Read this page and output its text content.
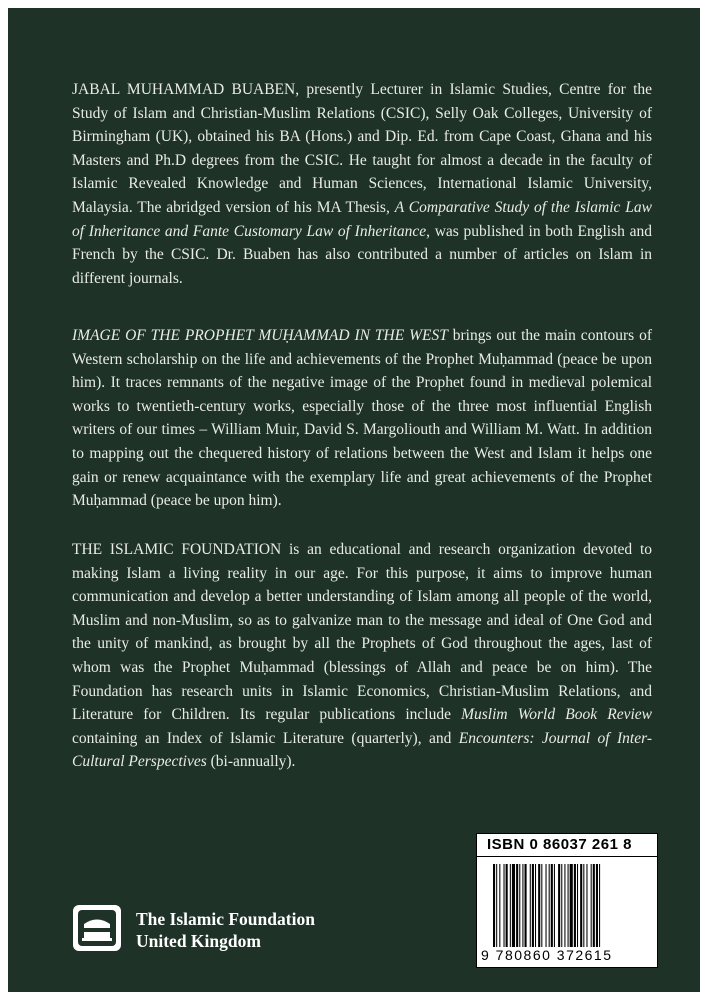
JABAL MUHAMMAD BUABEN, presently Lecturer in Islamic Studies, Centre for the Study of Islam and Christian-Muslim Relations (CSIC), Selly Oak Colleges, University of Birmingham (UK), obtained his BA (Hons.) and Dip. Ed. from Cape Coast, Ghana and his Masters and Ph.D degrees from the CSIC. He taught for almost a decade in the faculty of Islamic Revealed Knowledge and Human Sciences, International Islamic University, Malaysia. The abridged version of his MA Thesis, A Comparative Study of the Islamic Law of Inheritance and Fante Customary Law of Inheritance, was published in both English and French by the CSIC. Dr. Buaben has also contributed a number of articles on Islam in different journals.

IMAGE OF THE PROPHET MUḤAMMAD IN THE WEST brings out the main contours of Western scholarship on the life and achievements of the Prophet Muḥammad (peace be upon him). It traces remnants of the negative image of the Prophet found in medieval polemical works to twentieth-century works, especially those of the three most influential English writers of our times – William Muir, David S. Margoliouth and William M. Watt. In addition to mapping out the chequered history of relations between the West and Islam it helps one gain or renew acquaintance with the exemplary life and great achievements of the Prophet Muḥammad (peace be upon him).

THE ISLAMIC FOUNDATION is an educational and research organization devoted to making Islam a living reality in our age. For this purpose, it aims to improve human communication and develop a better understanding of Islam among all people of the world, Muslim and non-Muslim, so as to galvanize man to the message and ideal of One God and the unity of mankind, as brought by all the Prophets of God throughout the ages, last of whom was the Prophet Muḥammad (blessings of Allah and peace be on him). The Foundation has research units in Islamic Economics, Christian-Muslim Relations, and Literature for Children. Its regular publications include Muslim World Book Review containing an Index of Islamic Literature (quarterly), and Encounters: Journal of Inter-Cultural Perspectives (bi-annually).

ISBN 0 86037 261 8
9 780860 372615
The Islamic Foundation
United Kingdom
